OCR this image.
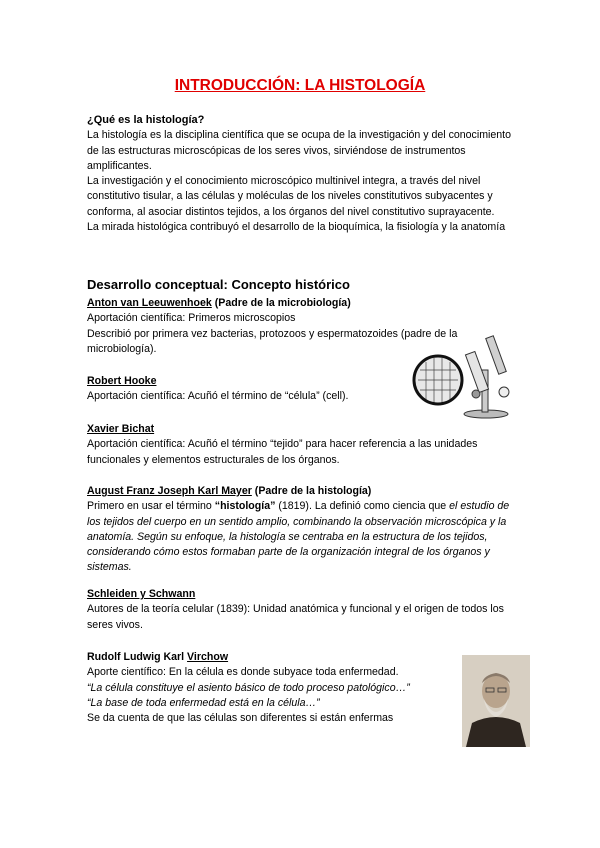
INTRODUCCIÓN: LA HISTOLOGÍA

¿Qué es la histología?

La histología es la disciplina científica que se ocupa de la investigación y del conocimiento de las estructuras microscópicas de los seres vivos, sirviéndose de instrumentos amplificantes.

La investigación y el conocimiento microscópico multinivel integra, a través del nivel constitutivo tisular, a las células y moléculas de los niveles constitutivos subyacentes y conforma, al asociar distintos tejidos, a los órganos del nivel constitutivo suprayacente.

La mirada histológica contribuyó el desarrollo de la bioquímica, la fisiología y la anatomía

Desarrollo conceptual: Concepto histórico

Anton van Leeuwenhoek (Padre de la microbiología)

Aportación científica: Primeros microscopios

Describió por primera vez bacterias, protozoos y espermatozoides (padre de la microbiología).

Robert Hooke

Aportación científica: Acuñó el término de “célula” (cell).

Xavier Bichat

Aportación científica: Acuñó el término “tejido” para hacer referencia a las unidades funcionales y elementos estructurales de los órganos.

August Franz Joseph Karl Mayer (Padre de la histología)

Primero en usar el término “histología” (1819). La definió como ciencia que el estudio de los tejidos del cuerpo en un sentido amplio, combinando la observación microscópica y la anatomía. Según su enfoque, la histología se centraba en la estructura de los tejidos, considerando cómo estos formaban parte de la organización integral de los órganos y sistemas.

Schleiden y Schwann

Autores de la teoría celular (1839): Unidad anatómica y funcional y el origen de todos los seres vivos.

Rudolf Ludwig Karl Virchow

Aporte científico: En la célula es donde subyace toda enfermedad.

“La célula constituye el asiento básico de todo proceso patológico…”

“La base de toda enfermedad está en la célula…”

Se da cuenta de que las células son diferentes si están enfermas
